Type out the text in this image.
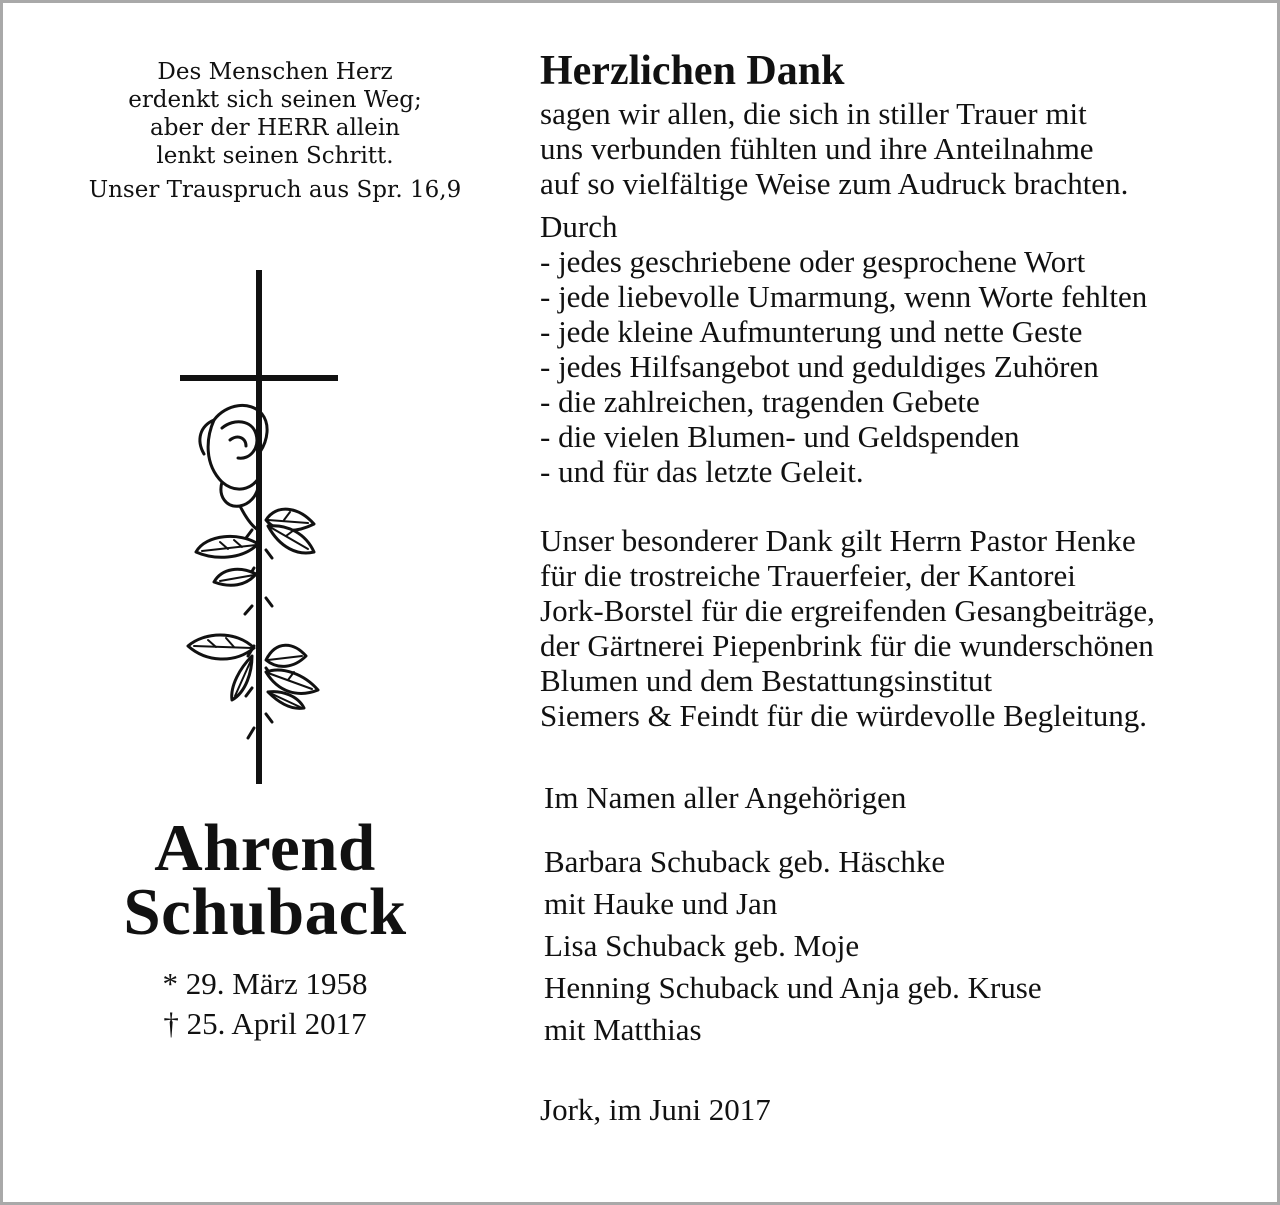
Des Menschen Herz
erdenkt sich seinen Weg;
aber der HERR allein
lenkt seinen Schritt.
Unser Trauspruch aus Spr. 16,9
Ahrend
Schuback
* 29. März 1958
† 25. April 2017
Herzlichen Dank
sagen wir allen, die sich in stiller Trauer mit
uns verbunden fühlten und ihre Anteilnahme
auf so vielfältige Weise zum Audruck brachten.
Durch
- jedes geschriebene oder gesprochene Wort
- jede liebevolle Umarmung, wenn Worte fehlten
- jede kleine Aufmunterung und nette Geste
- jedes Hilfsangebot und geduldiges Zuhören
- die zahlreichen, tragenden Gebete
- die vielen Blumen- und Geldspenden
- und für das letzte Geleit.
Unser besonderer Dank gilt Herrn Pastor Henke
für die trostreiche Trauerfeier, der Kantorei
Jork-Borstel für die ergreifenden Gesangbeiträge,
der Gärtnerei Piepenbrink für die wunderschönen
Blumen und dem Bestattungsinstitut
Siemers & Feindt für die würdevolle Begleitung.
Im Namen aller Angehörigen
Barbara Schuback geb. Häschke
mit Hauke und Jan
Lisa Schuback geb. Moje
Henning Schuback und Anja geb. Kruse
mit Matthias
Jork, im Juni 2017
